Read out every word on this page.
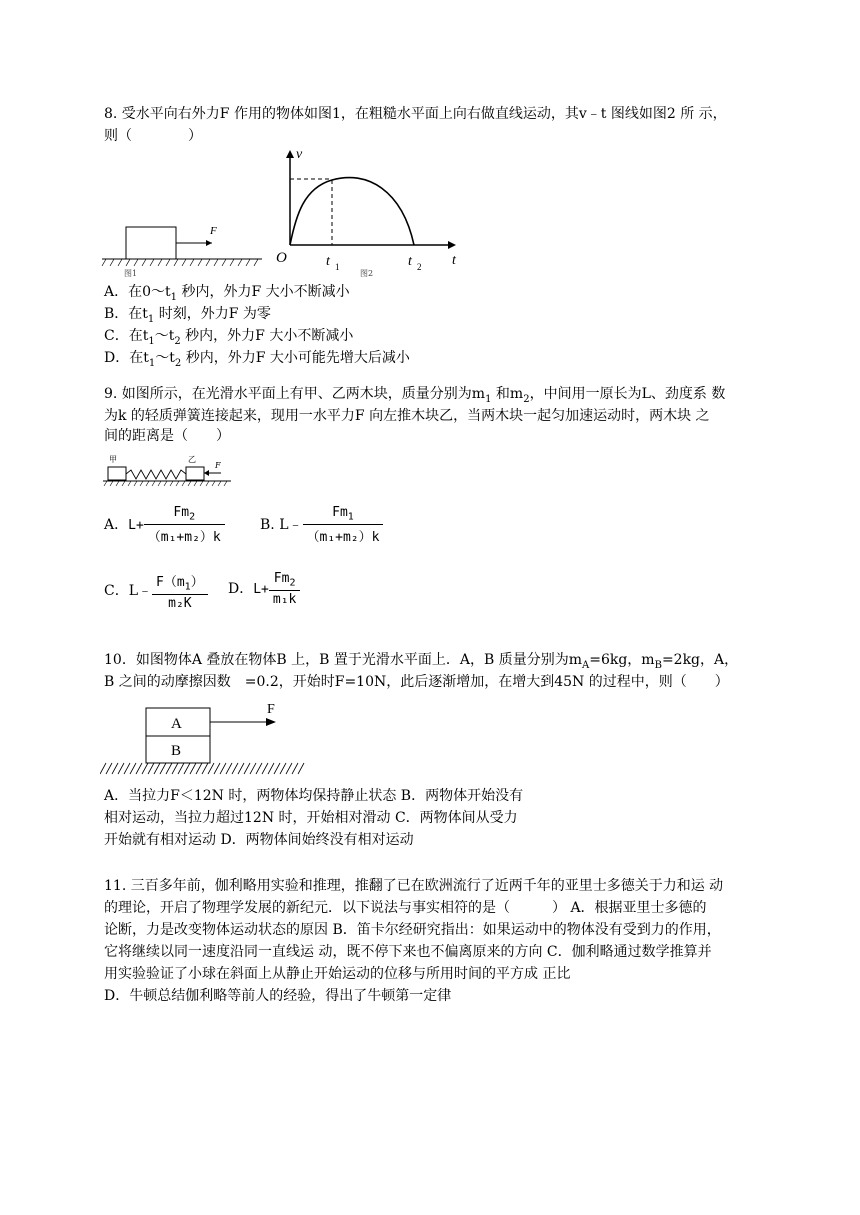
8. 受水平向右外力F 作用的物体如图1，在粗糙水平面上向右做直线运动，其v﹣t 图线如图2 所 示，
则（　　　　）
F
图1
v
O	t 1	t 2 t
图2
A．在$0\sim t_1$ 秒内，外力F 大小不断减小
B．在$t_1$ 时刻，外力F 为零
C．在$t_1\sim t_2$ 秒内，外力F 大小不断减小
D．在$t_1\sim t_2$ 秒内，外力F 大小可能先增大后减小
9. 如图所示，在光滑水平面上有甲、乙两木块，质量分别为$m_1$ 和$m_2$，中间用一原长为L、劲度系 数
为k 的轻质弹簧连接起来，现用一水平力F 向左推木块乙，当两木块一起匀加速运动时，两木块 之
间的距离是（　　）
甲	乙
F
A．$L+ \frac{Fm_2}{\text{（m₁+m₂）k}}$	B. L﹣ $\frac{Fm_1}{\text{（m₁+m₂）k}}$
C．L﹣ $\frac{F(m_1)}{\text{m₂K}}$ D．$L+ \frac{Fm_2}{\text{m₁k}}$
10．如图物体A 叠放在物体B 上，B 置于光滑水平面上．A，B 质量分别为$m_A=6kg$，$m_B=2kg$，A，
B 之间的动摩擦因数　=0.2，开始时F=10N，此后逐渐增加，在增大到45N 的过程中，则（　　）
A
B
F
A．当拉力F＜12N 时，两物体均保持静止状态 B．两物体开始没有
相对运动，当拉力超过12N 时，开始相对滑动 C．两物体间从受力
开始就有相对运动 D．两物体间始终没有相对运动
11. 三百多年前，伽利略用实验和推理，推翻了已在欧洲流行了近两千年的亚里士多德关于力和运 动
的理论，开启了物理学发展的新纪元．以下说法与事实相符的是（　　　） A．根据亚里士多德的
论断，力是改变物体运动状态的原因 B．笛卡尔经研究指出：如果运动中的物体没有受到力的作用，
它将继续以同一速度沿同一直线运 动，既不停下来也不偏离原来的方向 C．伽利略通过数学推算并
用实验验证了小球在斜面上从静止开始运动的位移与所用时间的平方成 正比
D．牛顿总结伽利略等前人的经验，得出了牛顿第一定律
